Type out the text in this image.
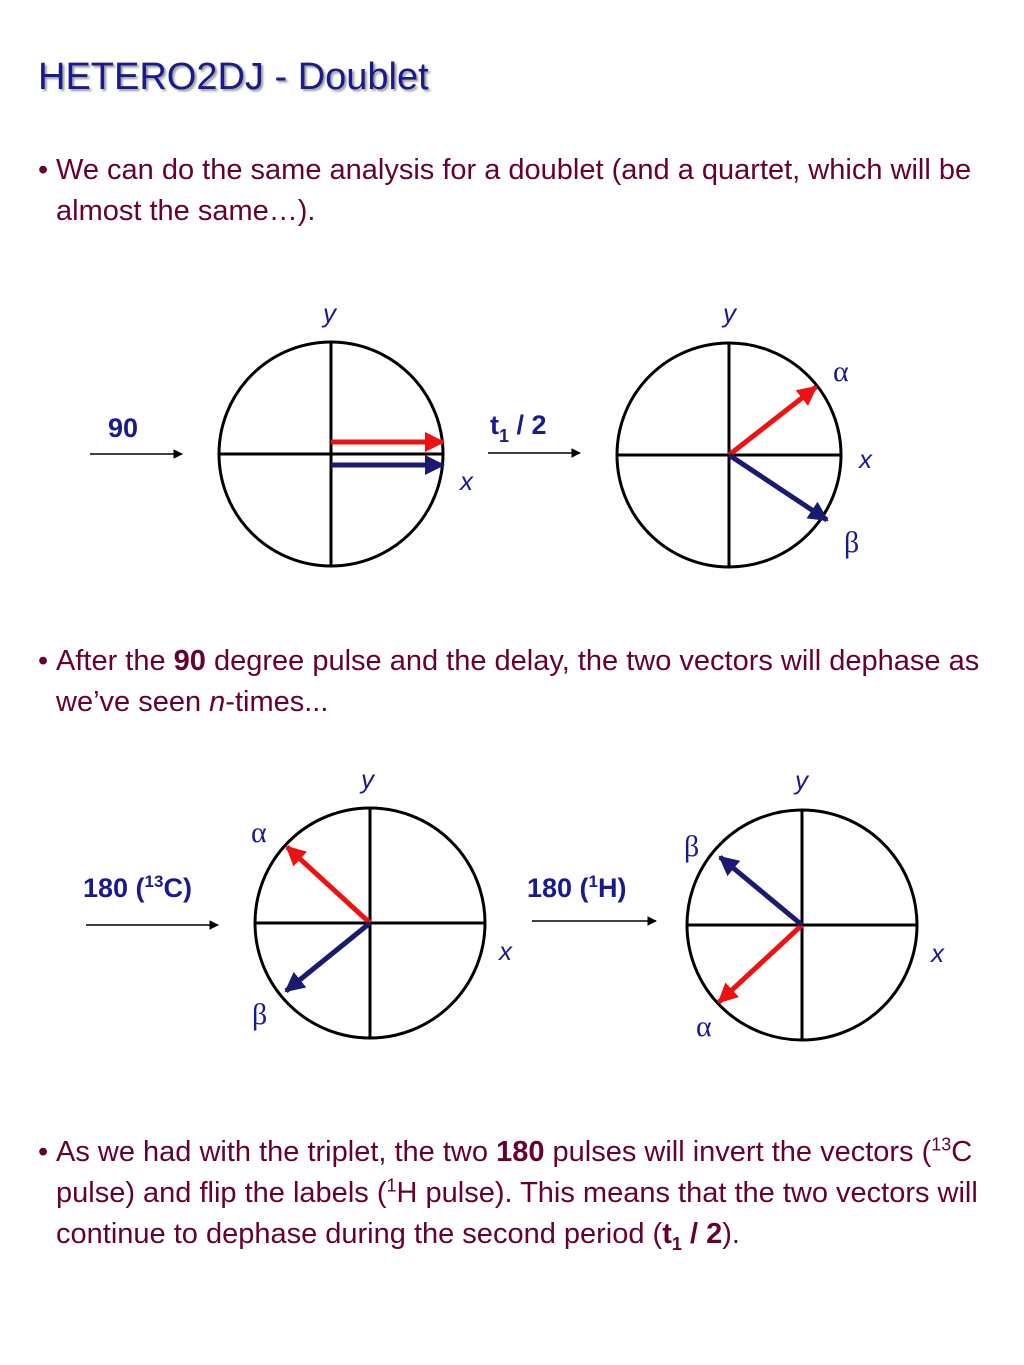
HETERO2DJ - Doublet
• We can do the same analysis for a doublet (and a quartet, which will be almost the same…).
• After the 90 degree pulse and the delay, the two vectors will dephase as we’ve seen n-times...
• As we had with the triplet, the two 180 pulses will invert the vectors ($^{13}$C pulse) and flip the labels ($^1$H pulse). This means that the two vectors will continue to dephase during the second period $(t_1 / 2)$.
y
x
90	$t_1 / 2$
y
x
α
β
180 ($^{13}$C)
y
x
α
β
180 ($^1$H)
y
x
β
α
